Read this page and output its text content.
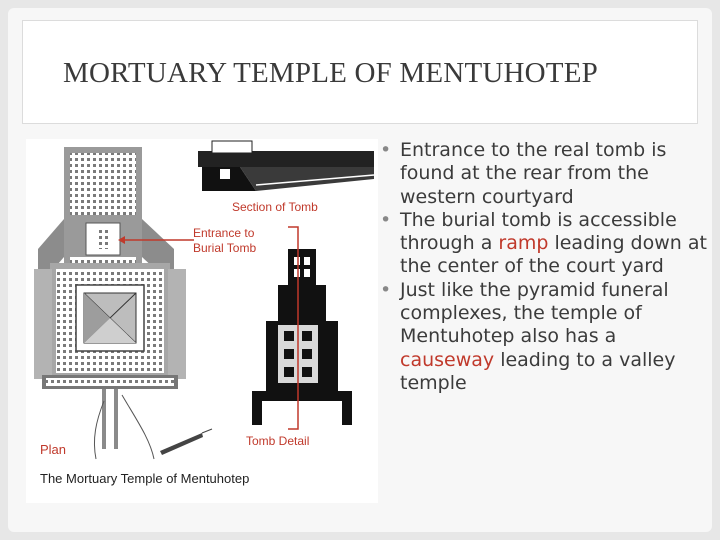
MORTUARY TEMPLE OF MENTUHOTEP
Section of Tomb
Entrance to
Burial Tomb
Plan
Tomb Detail
The Mortuary Temple of Mentuhotep
• Entrance to the real tomb is found at the rear from the western courtyard
• The burial tomb is accessible through a ramp leading down at the center of the court yard
• Just like the pyramid funeral complexes, the temple of Mentuhotep also has a causeway leading to a valley temple
